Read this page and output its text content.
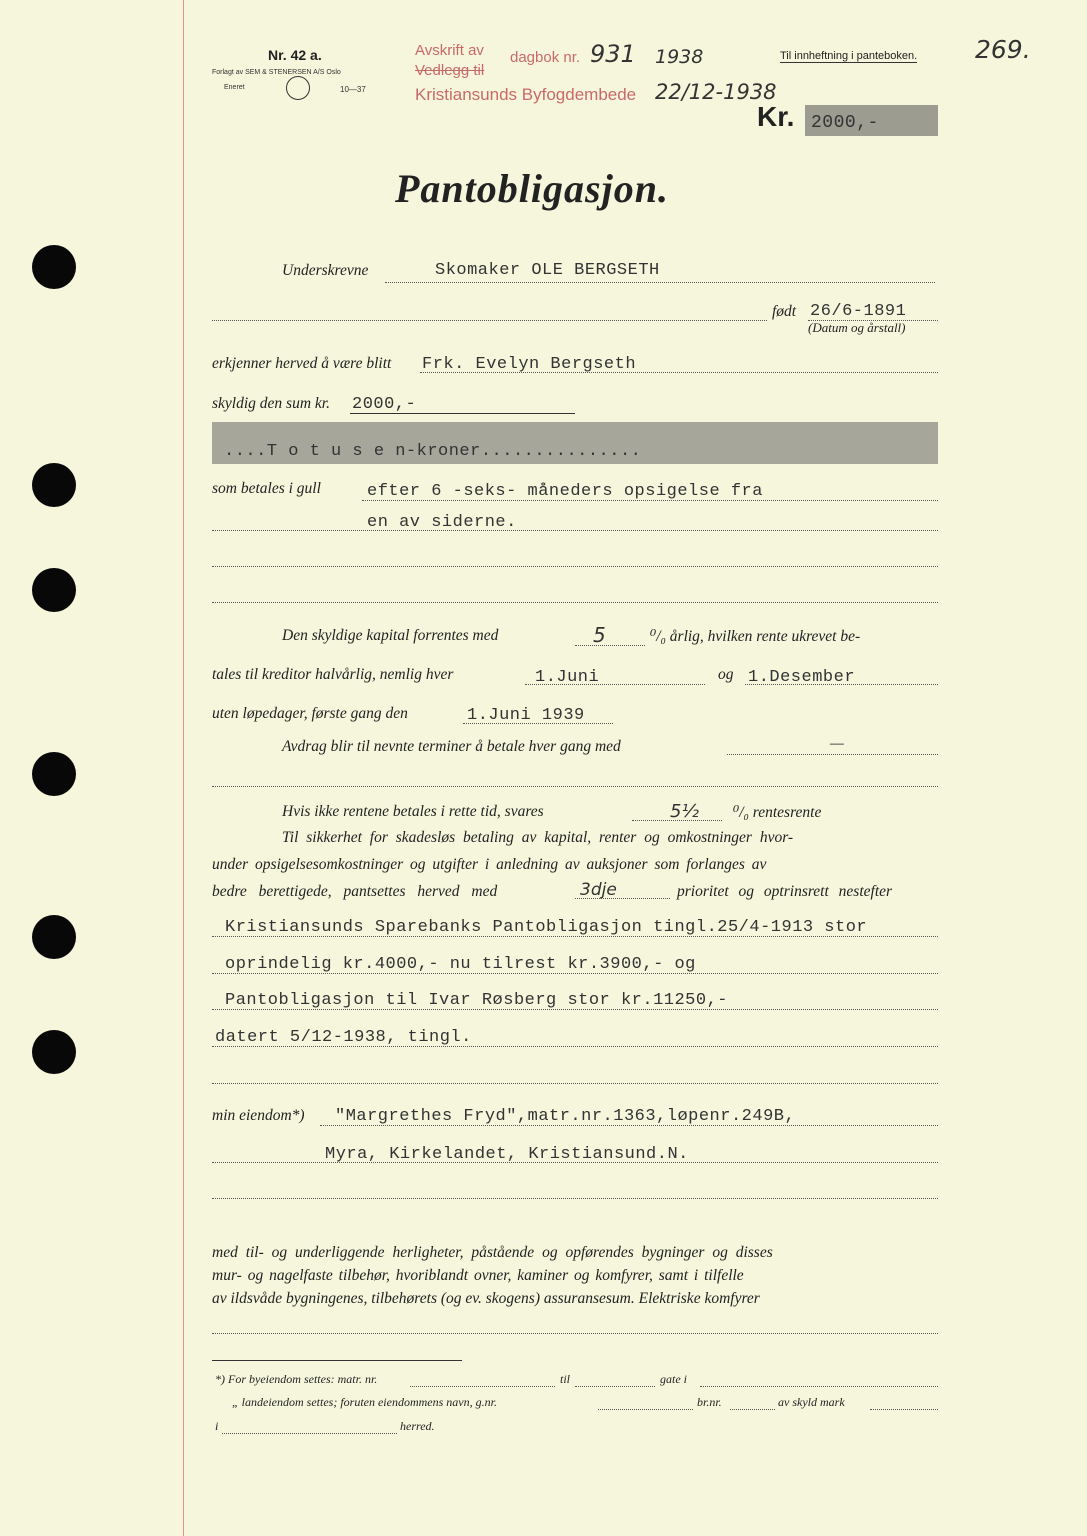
Nr. 42 a.
Forlagt av SEM & STENERSEN A/S Oslo
Eneret	10—37
Avskrift av dagbok nr. 931 1938
Vedlegg til
Kristiansunds Byfogdembede 22/12-1938
Til innheftning i panteboken. 269.
Kr. 2000,-
Pantobligasjon.
Underskrevne	Skomaker OLE BERGSETH
født 26/6-1891
(Datum og årstall)
erkjenner herved å være blitt Frk. Evelyn Bergseth
skyldig den sum kr. 2000,-
....T o t u s e n-kroner...............
som betales i gull	efter 6 -seks- måneders opsigelse fra
en av siderne.
Den skyldige kapital forrentes med	5	⁰/₀ årlig, hvilken rente ukrevet be-
tales til kreditor halvårlig, nemlig hver	1.Juni	og 1.Desember
uten løpedager, første gang den	1.Juni 1939
Avdrag blir til nevnte terminer å betale hver gang med	—
Hvis ikke rentene betales i rette tid, svares	5½ ⁰/₀ rentesrente
Til sikkerhet for skadesløs betaling av kapital, renter og omkostninger hvor-
under opsigelsesomkostninger og utgifter i anledning av auksjoner som forlanges av
bedre berettigede, pantsettes herved med	3dje	prioritet og optrinsrett nestefter
Kristiansunds Sparebanks Pantobligasjon tingl.25/4-1913 stor
oprindelig kr.4000,- nu tilrest kr.3900,- og
Pantobligasjon til Ivar Røsberg stor kr.11250,-
datert 5/12-1938, tingl.
min eiendom*) "Margrethes Fryd",matr.nr.1363,løpenr.249B,
Myra, Kirkelandet, Kristiansund.N.
med til- og underliggende herligheter, påstående og opførendes bygninger og disses
mur- og nagelfaste tilbehør, hvoriblandt ovner, kaminer og komfyrer, samt i tilfelle
av ildsvåde bygningenes, tilbehørets (og ev. skogens) assuransesum. Elektriske komfyrer
*) For byeiendom settes: matr. nr.	til	gate i
„ landeiendom settes; foruten eiendommens navn, g.nr.	br.nr.	av skyld mark
i	herred.
